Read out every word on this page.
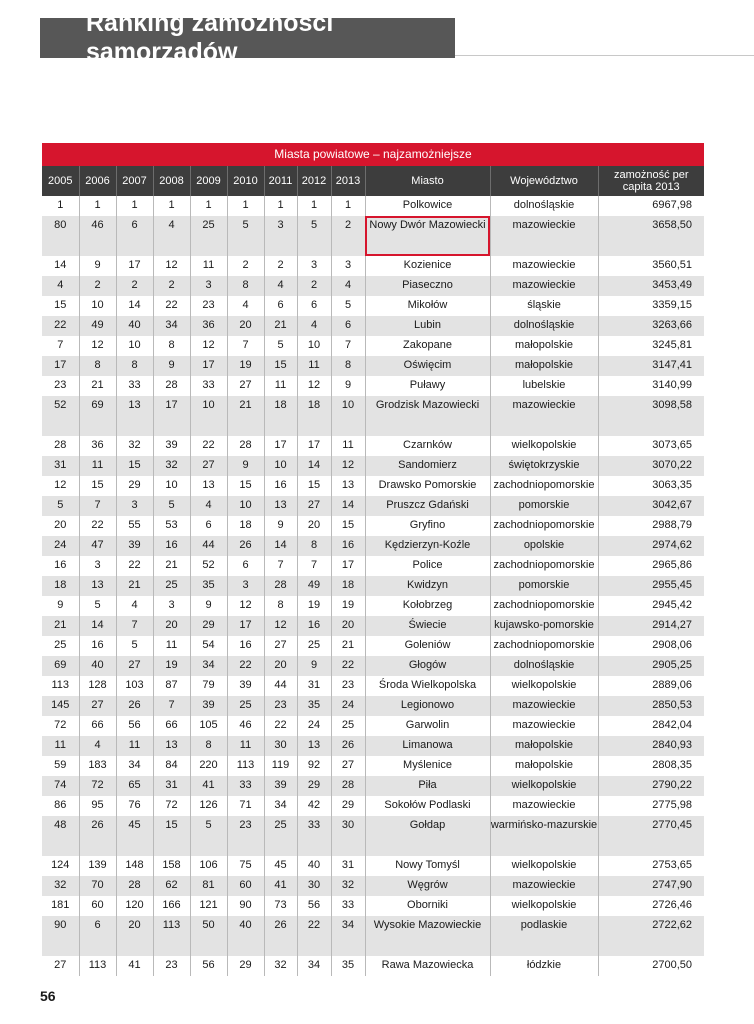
Ranking zamożności samorządów
Miasta powiatowe – najzamożniejsze
2005	2006	2007	2008	2009	2010	2011	2012	2013	Miasto	Województwo	zamożność per capita 2013
1	1	1	1	1	1	1	1	1	Polkowice	dolnośląskie	6967,98
80	46	6	4	25	5	3	5	2	Nowy Dwór Mazowiecki	mazowieckie	3658,50
14	9	17	12	11	2	2	3	3	Kozienice	mazowieckie	3560,51
4	2	2	2	3	8	4	2	4	Piaseczno	mazowieckie	3453,49
15	10	14	22	23	4	6	6	5	Mikołów	śląskie	3359,15
22	49	40	34	36	20	21	4	6	Lubin	dolnośląskie	3263,66
7	12	10	8	12	7	5	10	7	Zakopane	małopolskie	3245,81
17	8	8	9	17	19	15	11	8	Oświęcim	małopolskie	3147,41
23	21	33	28	33	27	11	12	9	Puławy	lubelskie	3140,99
52	69	13	17	10	21	18	18	10	Grodzisk Mazowiecki	mazowieckie	3098,58
28	36	32	39	22	28	17	17	11	Czarnków	wielkopolskie	3073,65
31	11	15	32	27	9	10	14	12	Sandomierz	świętokrzyskie	3070,22
12	15	29	10	13	15	16	15	13	Drawsko Pomorskie	zachodniopomorskie	3063,35
5	7	3	5	4	10	13	27	14	Pruszcz Gdański	pomorskie	3042,67
20	22	55	53	6	18	9	20	15	Gryfino	zachodniopomorskie	2988,79
24	47	39	16	44	26	14	8	16	Kędzierzyn-Koźle	opolskie	2974,62
16	3	22	21	52	6	7	7	17	Police	zachodniopomorskie	2965,86
18	13	21	25	35	3	28	49	18	Kwidzyn	pomorskie	2955,45
9	5	4	3	9	12	8	19	19	Kołobrzeg	zachodniopomorskie	2945,42
21	14	7	20	29	17	12	16	20	Świecie	kujawsko-pomorskie	2914,27
25	16	5	11	54	16	27	25	21	Goleniów	zachodniopomorskie	2908,06
69	40	27	19	34	22	20	9	22	Głogów	dolnośląskie	2905,25
113	128	103	87	79	39	44	31	23	Środa Wielkopolska	wielkopolskie	2889,06
145	27	26	7	39	25	23	35	24	Legionowo	mazowieckie	2850,53
72	66	56	66	105	46	22	24	25	Garwolin	mazowieckie	2842,04
11	4	11	13	8	11	30	13	26	Limanowa	małopolskie	2840,93
59	183	34	84	220	113	119	92	27	Myślenice	małopolskie	2808,35
74	72	65	31	41	33	39	29	28	Piła	wielkopolskie	2790,22
86	95	76	72	126	71	34	42	29	Sokołów Podlaski	mazowieckie	2775,98
48	26	45	15	5	23	25	33	30	Gołdap	warmińsko-mazurskie	2770,45
124	139	148	158	106	75	45	40	31	Nowy Tomyśl	wielkopolskie	2753,65
32	70	28	62	81	60	41	30	32	Węgrów	mazowieckie	2747,90
181	60	120	166	121	90	73	56	33	Oborniki	wielkopolskie	2726,46
90	6	20	113	50	40	26	22	34	Wysokie Mazowieckie	podlaskie	2722,62
27	113	41	23	56	29	32	34	35	Rawa Mazowiecka	łódzkie	2700,50
56
